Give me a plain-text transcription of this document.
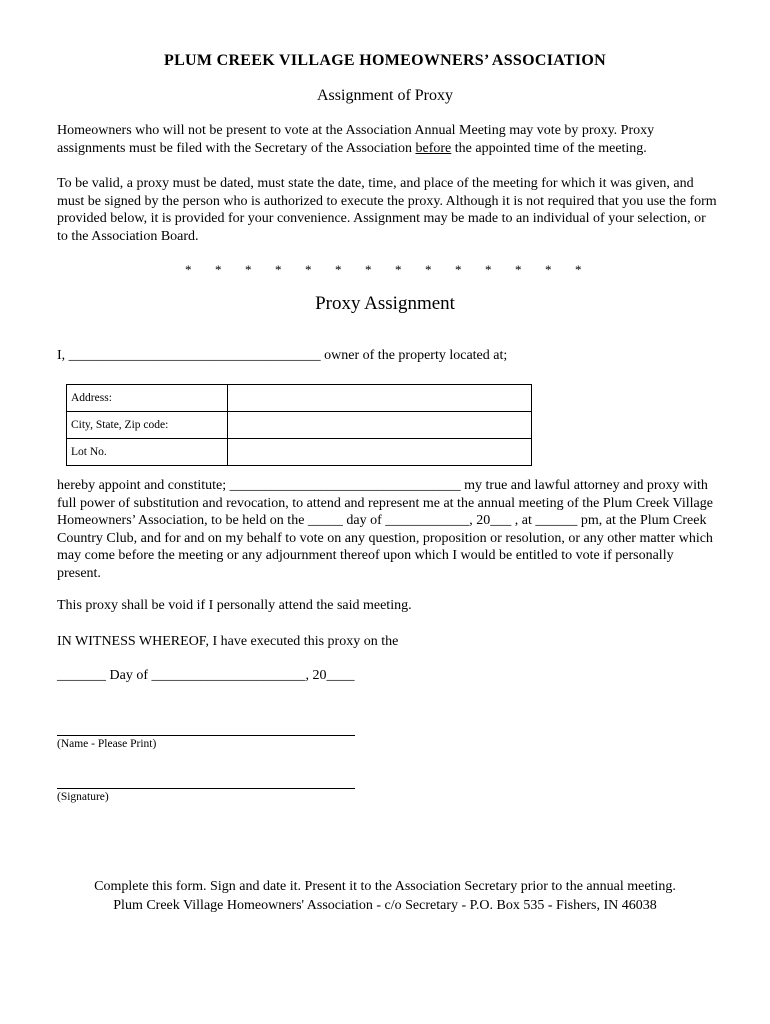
PLUM CREEK VILLAGE HOMEOWNERS’ ASSOCIATION
Assignment of Proxy
Homeowners who will not be present to vote at the Association Annual Meeting may vote by proxy. Proxy assignments must be filed with the Secretary of the Association before the appointed time of the meeting.
To be valid, a proxy must be dated, must state the date, time, and place of the meeting for which it was given, and must be signed by the person who is authorized to execute the proxy. Although it is not required that you use the form provided below, it is provided for your convenience. Assignment may be made to an individual of your selection, or to the Association Board.
*	*	*	*	*	*	*	*	*	*	*	*	*	*
Proxy Assignment
I, ____________________________________ owner of the property located at;
Address:	
City, State, Zip code:	
Lot No.	
hereby appoint and constitute; _________________________________ my true and lawful attorney and proxy with full power of substitution and revocation, to attend and represent me at the annual meeting of the Plum Creek Village Homeowners’ Association, to be held on the _____ day of ____________, 20___ , at ______ pm, at the Plum Creek Country Club, and for and on my behalf to vote on any question, proposition or resolution, or any other matter which may come before the meeting or any adjournment thereof upon which I would be entitled to vote if personally present.
This proxy shall be void if I personally attend the said meeting.
IN WITNESS WHEREOF, I have executed this proxy on the
_______ Day of ______________________, 20____
(Name - Please Print)
(Signature)
Complete this form. Sign and date it. Present it to the Association Secretary prior to the annual meeting.
Plum Creek Village Homeowners' Association - c/o Secretary - P.O. Box 535 - Fishers, IN 46038
